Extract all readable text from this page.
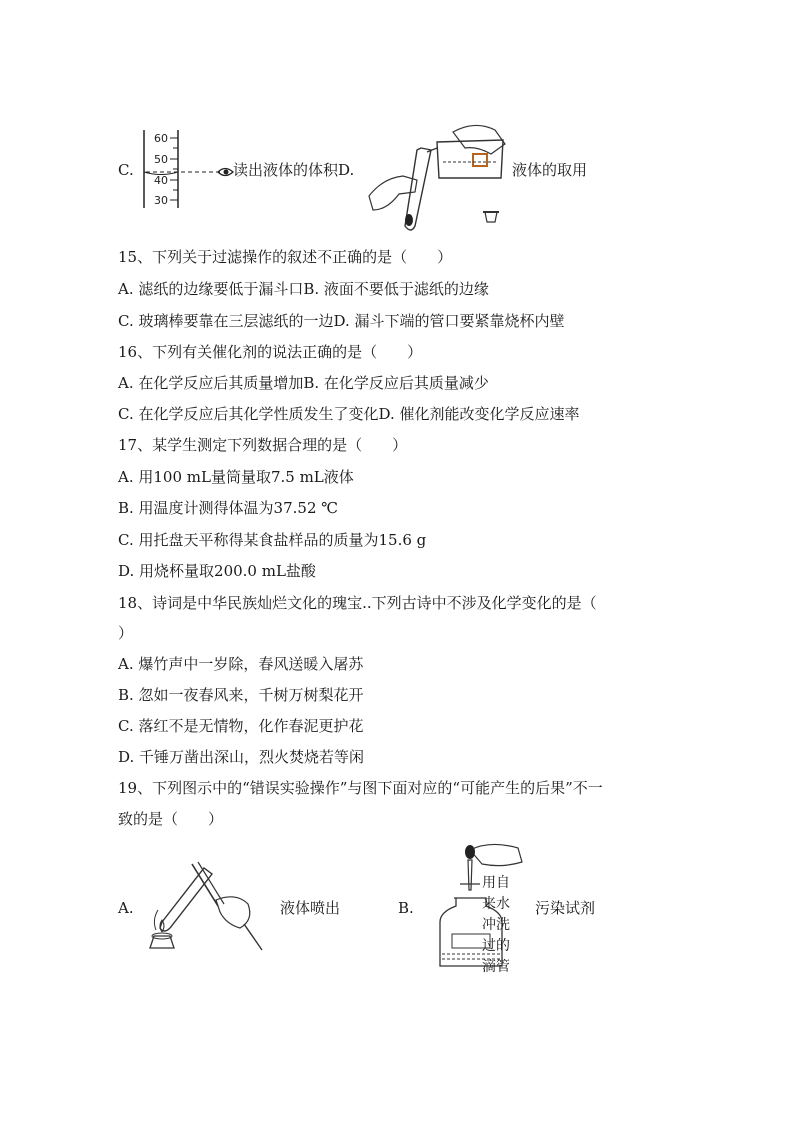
C.
60
50
40
30
读出液体的体积D.	液体的取用
15、下列关于过滤操作的叙述不正确的是（　　）
A. 滤纸的边缘要低于漏斗口B. 液面不要低于滤纸的边缘
C. 玻璃棒要靠在三层滤纸的一边D. 漏斗下端的管口要紧靠烧杯内壁
16、下列有关催化剂的说法正确的是（　　）
A. 在化学反应后其质量增加B. 在化学反应后其质量减少
C. 在化学反应后其化学性质发生了变化D. 催化剂能改变化学反应速率
17、某学生测定下列数据合理的是（　　）
A. 用100 mL量筒量取7.5 mL液体
B. 用温度计测得体温为37.52 ℃
C. 用托盘天平称得某食盐样品的质量为15.6 g
D. 用烧杯量取200.0 mL盐酸
18、诗词是中华民族灿烂文化的瑰宝..下列古诗中不涉及化学变化的是（
）
A. 爆竹声中一岁除，春风送暖入屠苏
B. 忽如一夜春风来，千树万树梨花开
C. 落红不是无情物，化作春泥更护花
D. 千锤万凿出深山，烈火焚烧若等闲
19、下列图示中的“错误实验操作”与图下面对应的“可能产生的后果”不一
致的是（　　）
A.	液体喷出	B.
用自
来水
冲洗
过的
滴管
污染试剂
